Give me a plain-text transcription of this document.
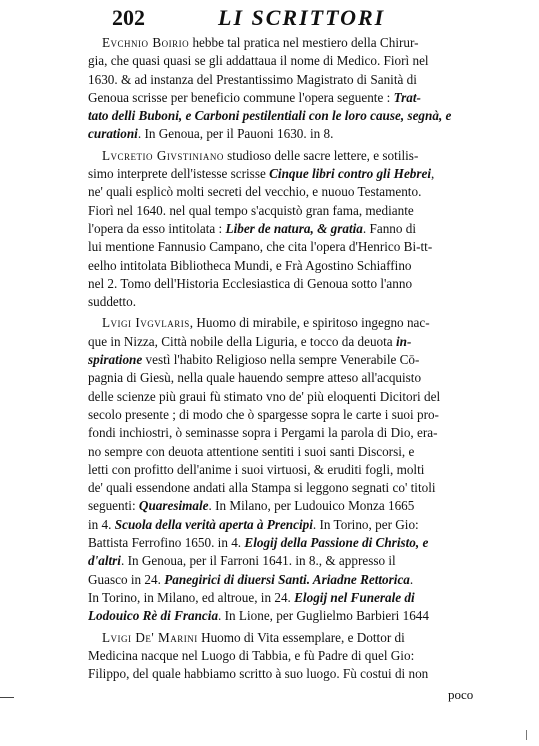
202	LI SCRITTORI
Evchnio Boirio hebbe tal pratica nel mestiero della Chirur-
gia, che quasi quasi se gli addattaua il nome di Medico. Fiorì nel
1630. & ad instanza del Prestantissimo Magistrato di Sanità di
Genoua scrisse per beneficio commune l'opera seguente : Trat-
tato delli Buboni, e Carboni pestilentiali con le loro cause, segnà, e
curationi. In Genoua, per il Pauoni 1630. in 8.
Lvcretio Givstiniano studioso delle sacre lettere, e sotilis-
simo interprete dell'istesse scrisse Cinque libri contro gli Hebrei,
ne' quali esplicò molti secreti del vecchio, e nuouo Testamento.
Fiorì nel 1640. nel qual tempo s'acquistò gran fama, mediante
l'opera da esso intitolata : Liber de natura, & gratia. Fanno di
lui mentione Fannusio Campano, che cita l'opera d'Henrico Bi-tt-
eelho intitolata Bibliotheca Mundi, e Frà Agostino Schiaffino
nel 2. Tomo dell'Historia Ecclesiastica di Genoua sotto l'anno
suddetto.
Lvigi Ivgvlaris, Huomo di mirabile, e spiritoso ingegno nac-
que in Nizza, Città nobile della Liguria, e tocco da deuota in-
spiratione vestì l'habito Religioso nella sempre Venerabile Cō-
pagnia di Giesù, nella quale hauendo sempre atteso all'acquisto
delle scienze più graui fù stimato vno de' più eloquenti Dicitori del
secolo presente ; di modo che ò spargesse sopra le carte i suoi pro-
fondi inchiostri, ò seminasse sopra i Pergami la parola di Dio, era-
no sempre con deuota attentione sentiti i suoi santi Discorsi, e
letti con profitto dell'anime i suoi virtuosi, & eruditi fogli, molti
de' quali essendone andati alla Stampa si leggono segnati co' titoli
seguenti: Quaresimale. In Milano, per Ludouico Monza 1665
in 4. Scuola della verità aperta à Prencipi. In Torino, per Gio:
Battista Ferrofino 1650. in 4. Elogij della Passione di Christo, e
d'altri. In Genoua, per il Farroni 1641. in 8., & appresso il
Guasco in 24. Panegirici di diuersi Santi. Ariadne Rettorica.
In Torino, in Milano, ed altroue, in 24. Elogij nel Funerale di
Lodouico Rè di Francia. In Lione, per Guglielmo Barbieri 1644
Lvigi De' Marini Huomo di Vita essemplare, e Dottor di
Medicina nacque nel Luogo di Tabbia, e fù Padre di quel Gio:
Filippo, del quale habbiamo scritto à suo luogo. Fù costui di non
poco
